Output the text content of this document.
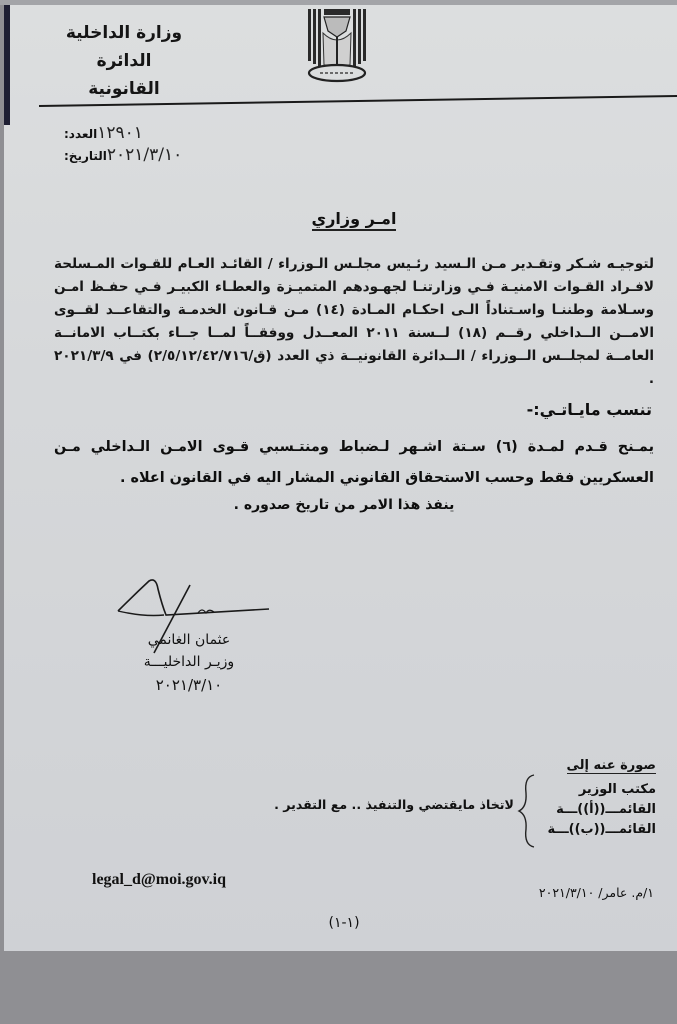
وزارة الداخلية
الدائرة القانونية
العدد: ١٢٩٠١
التاريخ: ٢٠٢١/٣/١٠
امـر وزاري
لتوجيـه شـكر وتقـدير مـن الـسيد رئـيس مجلـس الـوزراء / القائـد العـام للقـوات المـسلحة لافـراد القـوات الامنيـة فـي وزارتنـا لجهـودهم المتميـزة والعطـاء الكبيـر فـي حفـظ امـن وسـلامة وطننـا واسـتناداً الـى احكـام المـادة (١٤) مـن قـانون الخدمـة والتقاعــد لقــوى الامــن الــداخلي رقــم (١٨) لــسنة ٢٠١١ المعــدل ووفقــاً لمــا جــاء بكتــاب الامانــة العامــة لمجلــس الــوزراء / الــدائرة القانونيــة ذي العدد (ق/٢/٥/١٢/٤٢/٧١٦) في ٢٠٢١/٣/٩ .
تنسب مايـاتـي:-
يمـنح قـدم لمـدة (٦) سـتة اشـهر لـضباط ومنتـسبي قـوى الامـن الـداخلي مـن العسكريين فقط وحسب الاستحقاق القانوني المشار اليه في القانون اعلاه .
ينفذ هذا الامر من تاريخ صدوره .
عثمان الغانمي
وزيـر الداخليـــة
٢٠٢١/٣/١٠
صورة عنه إلى
مكتب الوزير
القائمـــ((أ))ـــة
القائمـــ((ب))ـــة
لاتخاذ مايقتضي والتنفيذ .. مع التقدير .
legal_d@moi.gov.iq
١/م. عامر/ ٢٠٢١/٣/١٠
(١-١)
